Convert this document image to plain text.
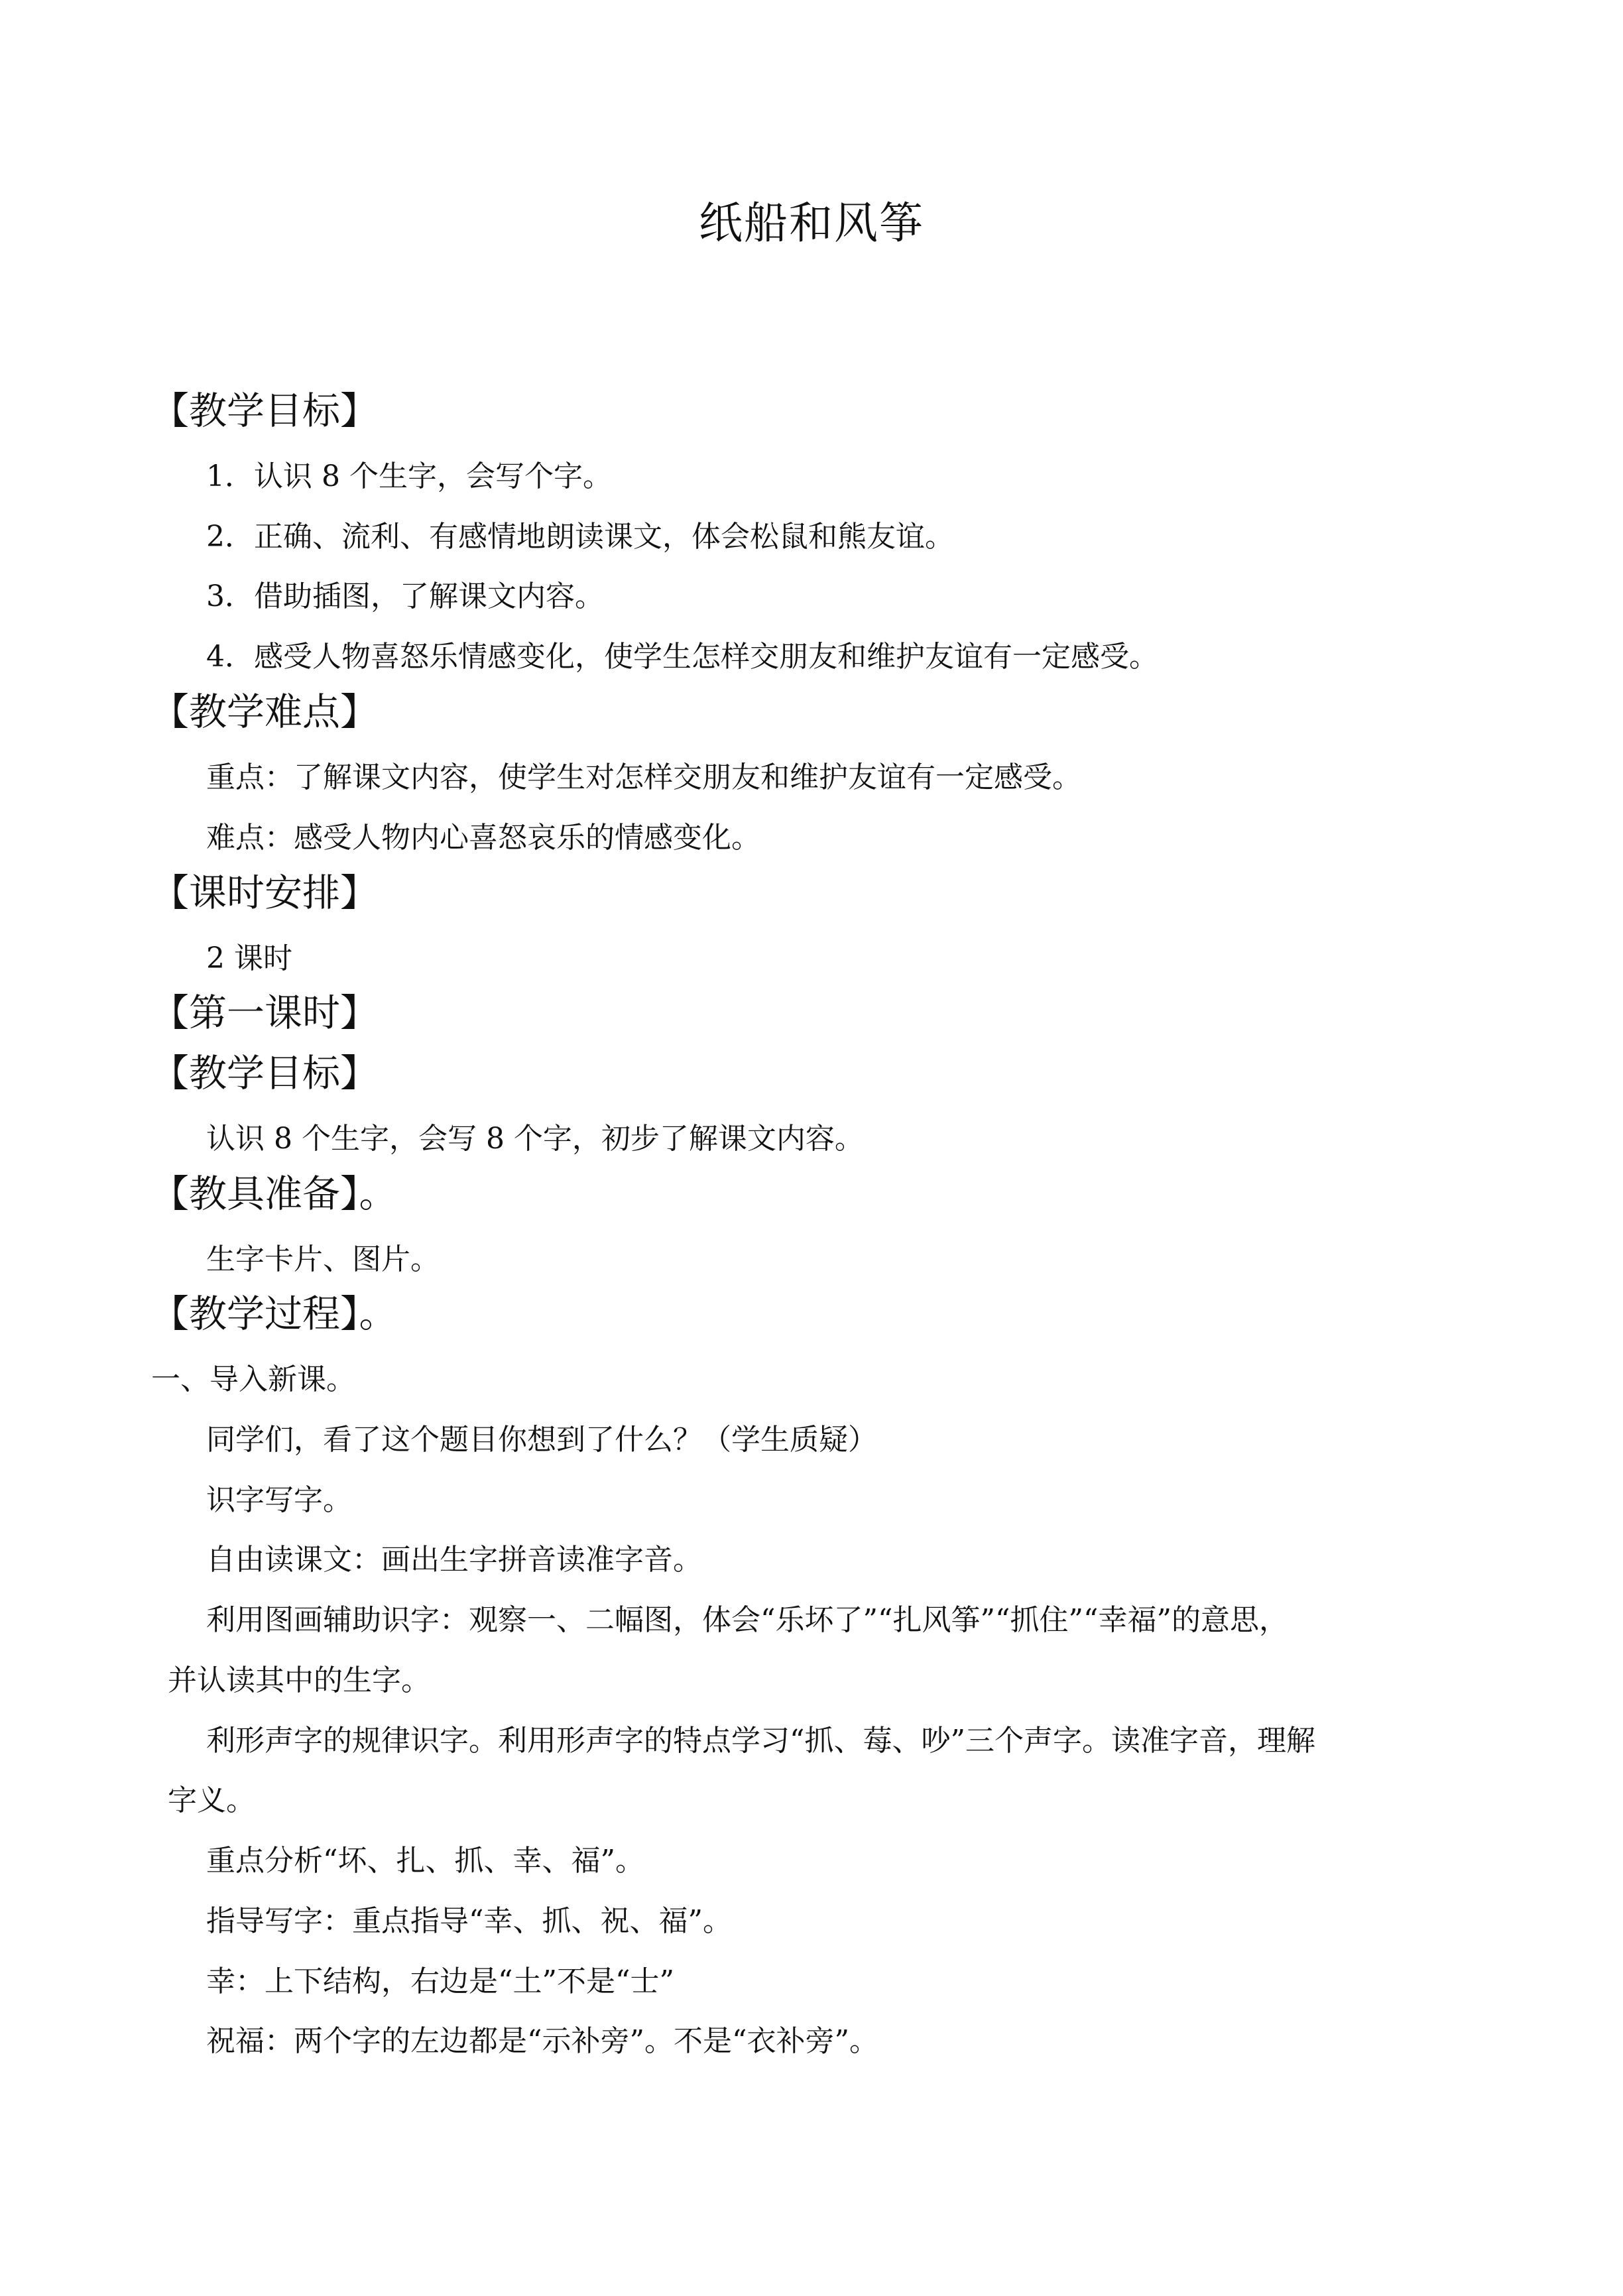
纸船和风筝
【教学目标】
1．认识 8 个生字，会写个字。
2．正确、流利、有感情地朗读课文，体会松鼠和熊友谊。
3．借助插图，了解课文内容。
4．感受人物喜怒乐情感变化，使学生怎样交朋友和维护友谊有一定感受。
【教学难点】
重点：了解课文内容，使学生对怎样交朋友和维护友谊有一定感受。
难点：感受人物内心喜怒哀乐的情感变化。
【课时安排】
2 课时
【第一课时】
【教学目标】
认识 8 个生字，会写 8 个字，初步了解课文内容。
【教具准备】。
生字卡片、图片。
【教学过程】。
一、导入新课。
同学们，看了这个题目你想到了什么？（学生质疑）
识字写字。
自由读课文：画出生字拼音读准字音。
利用图画辅助识字：观察一、二幅图，体会“乐坏了”“扎风筝”“抓住”“幸福”的意思，
并认读其中的生字。
利形声字的规律识字。利用形声字的特点学习“抓、莓、吵”三个声字。读准字音，理解
字义。
重点分析“坏、扎、抓、幸、福”。
指导写字：重点指导“幸、抓、祝、福”。
幸：上下结构，右边是“土”不是“士”
祝福：两个字的左边都是“示补旁”。不是“衣补旁”。
